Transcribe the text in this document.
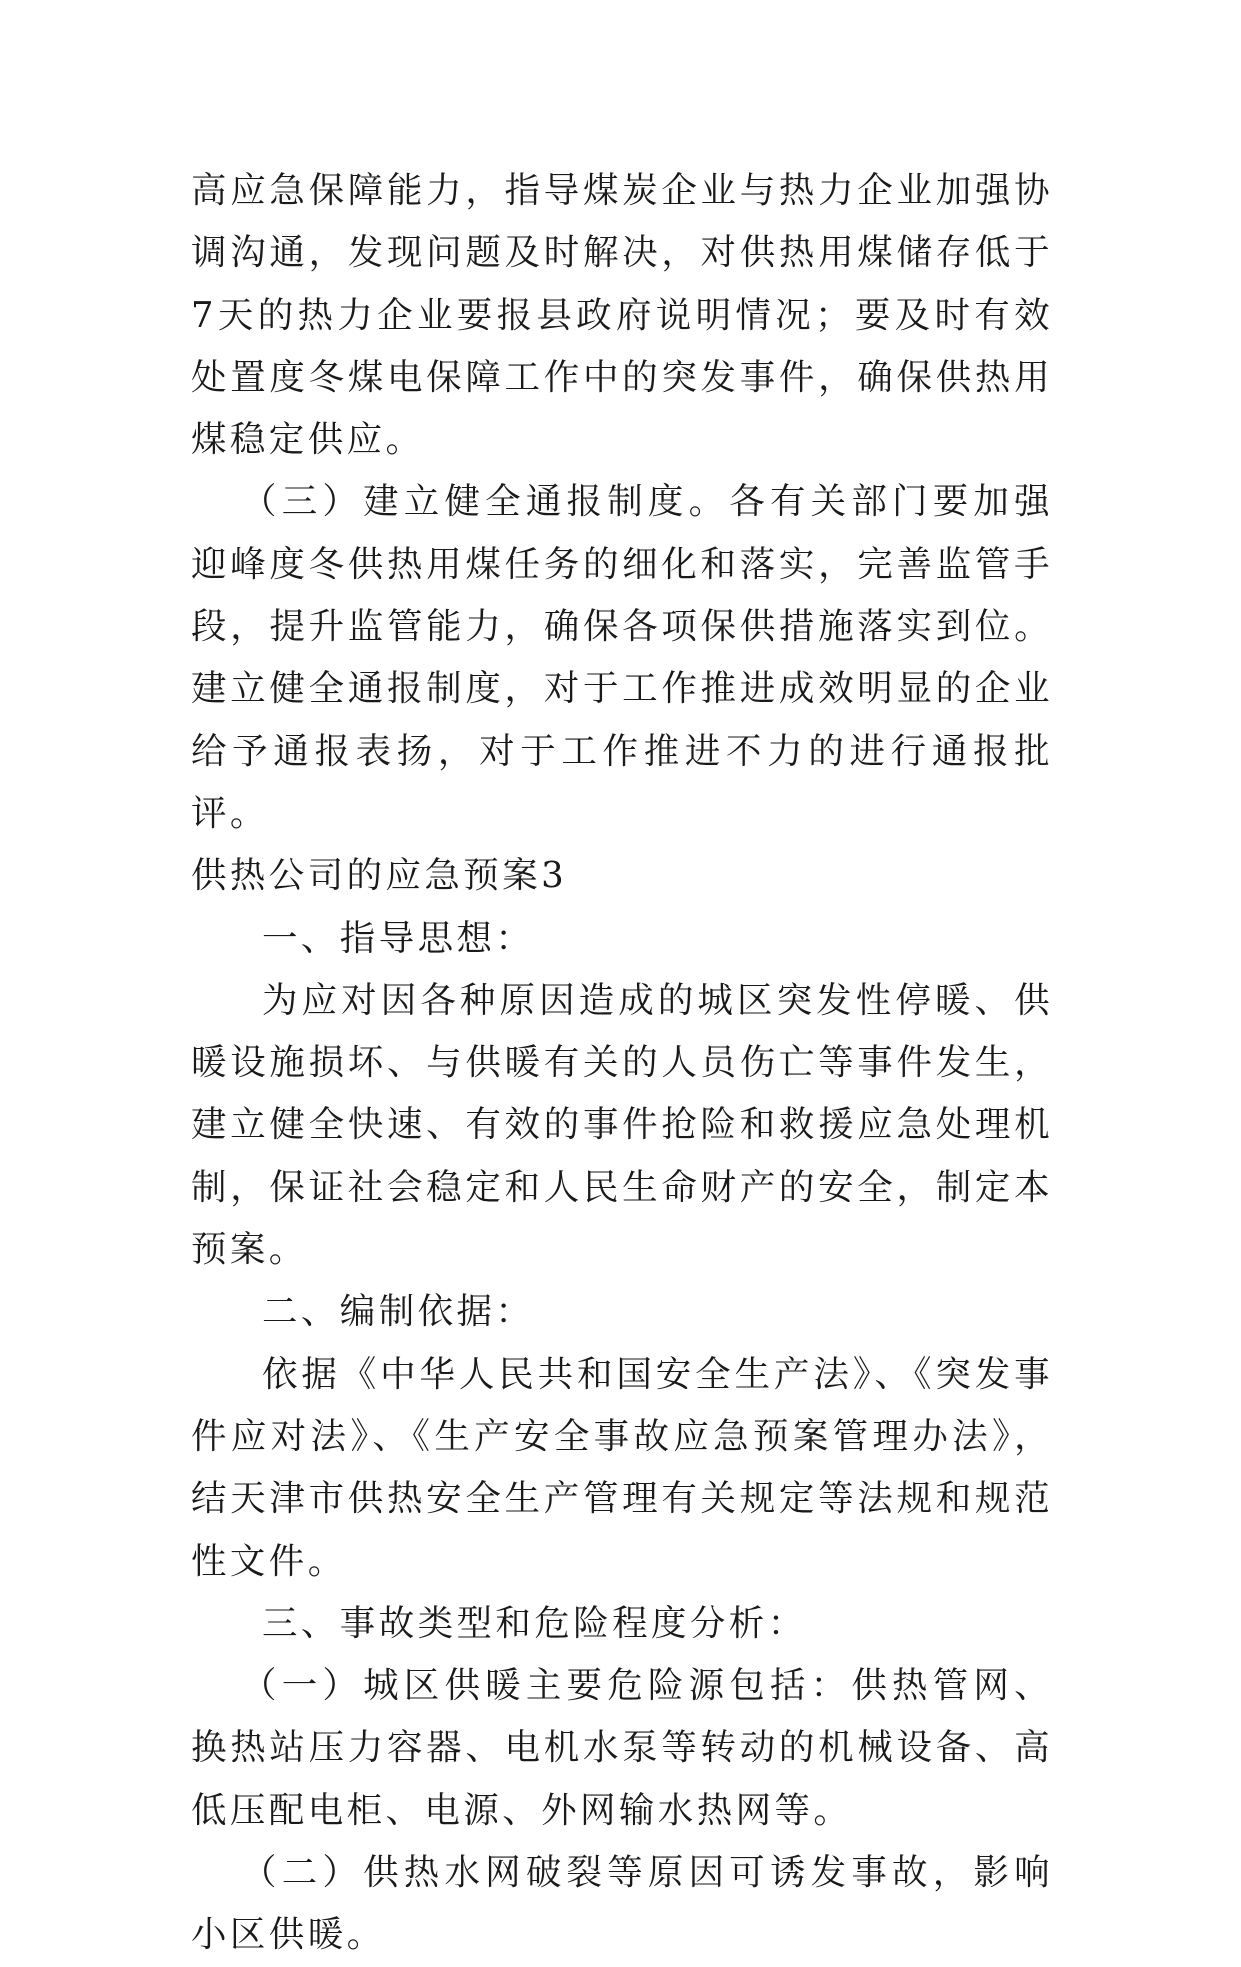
高应急保障能力，指导煤炭企业与热力企业加强协调沟通，发现问题及时解决，对供热用煤储存低于7天的热力企业要报县政府说明情况；要及时有效处置度冬煤电保障工作中的突发事件，确保供热用煤稳定供应。

（三）建立健全通报制度。各有关部门要加强迎峰度冬供热用煤任务的细化和落实，完善监管手段，提升监管能力，确保各项保供措施落实到位。建立健全通报制度，对于工作推进成效明显的企业给予通报表扬，对于工作推进不力的进行通报批评。

供热公司的应急预案3

一、指导思想：

为应对因各种原因造成的城区突发性停暖、供暖设施损坏、与供暖有关的人员伤亡等事件发生，建立健全快速、有效的事件抢险和救援应急处理机制，保证社会稳定和人民生命财产的安全，制定本预案。

二、编制依据：

依据《中华人民共和国安全生产法》、《突发事件应对法》、《生产安全事故应急预案管理办法》，结天津市供热安全生产管理有关规定等法规和规范性文件。

三、事故类型和危险程度分析：

（一）城区供暖主要危险源包括：供热管网、换热站压力容器、电机水泵等转动的机械设备、高低压配电柜、电源、外网输水热网等。

（二）供热水网破裂等原因可诱发事故，影响小区供暖。
